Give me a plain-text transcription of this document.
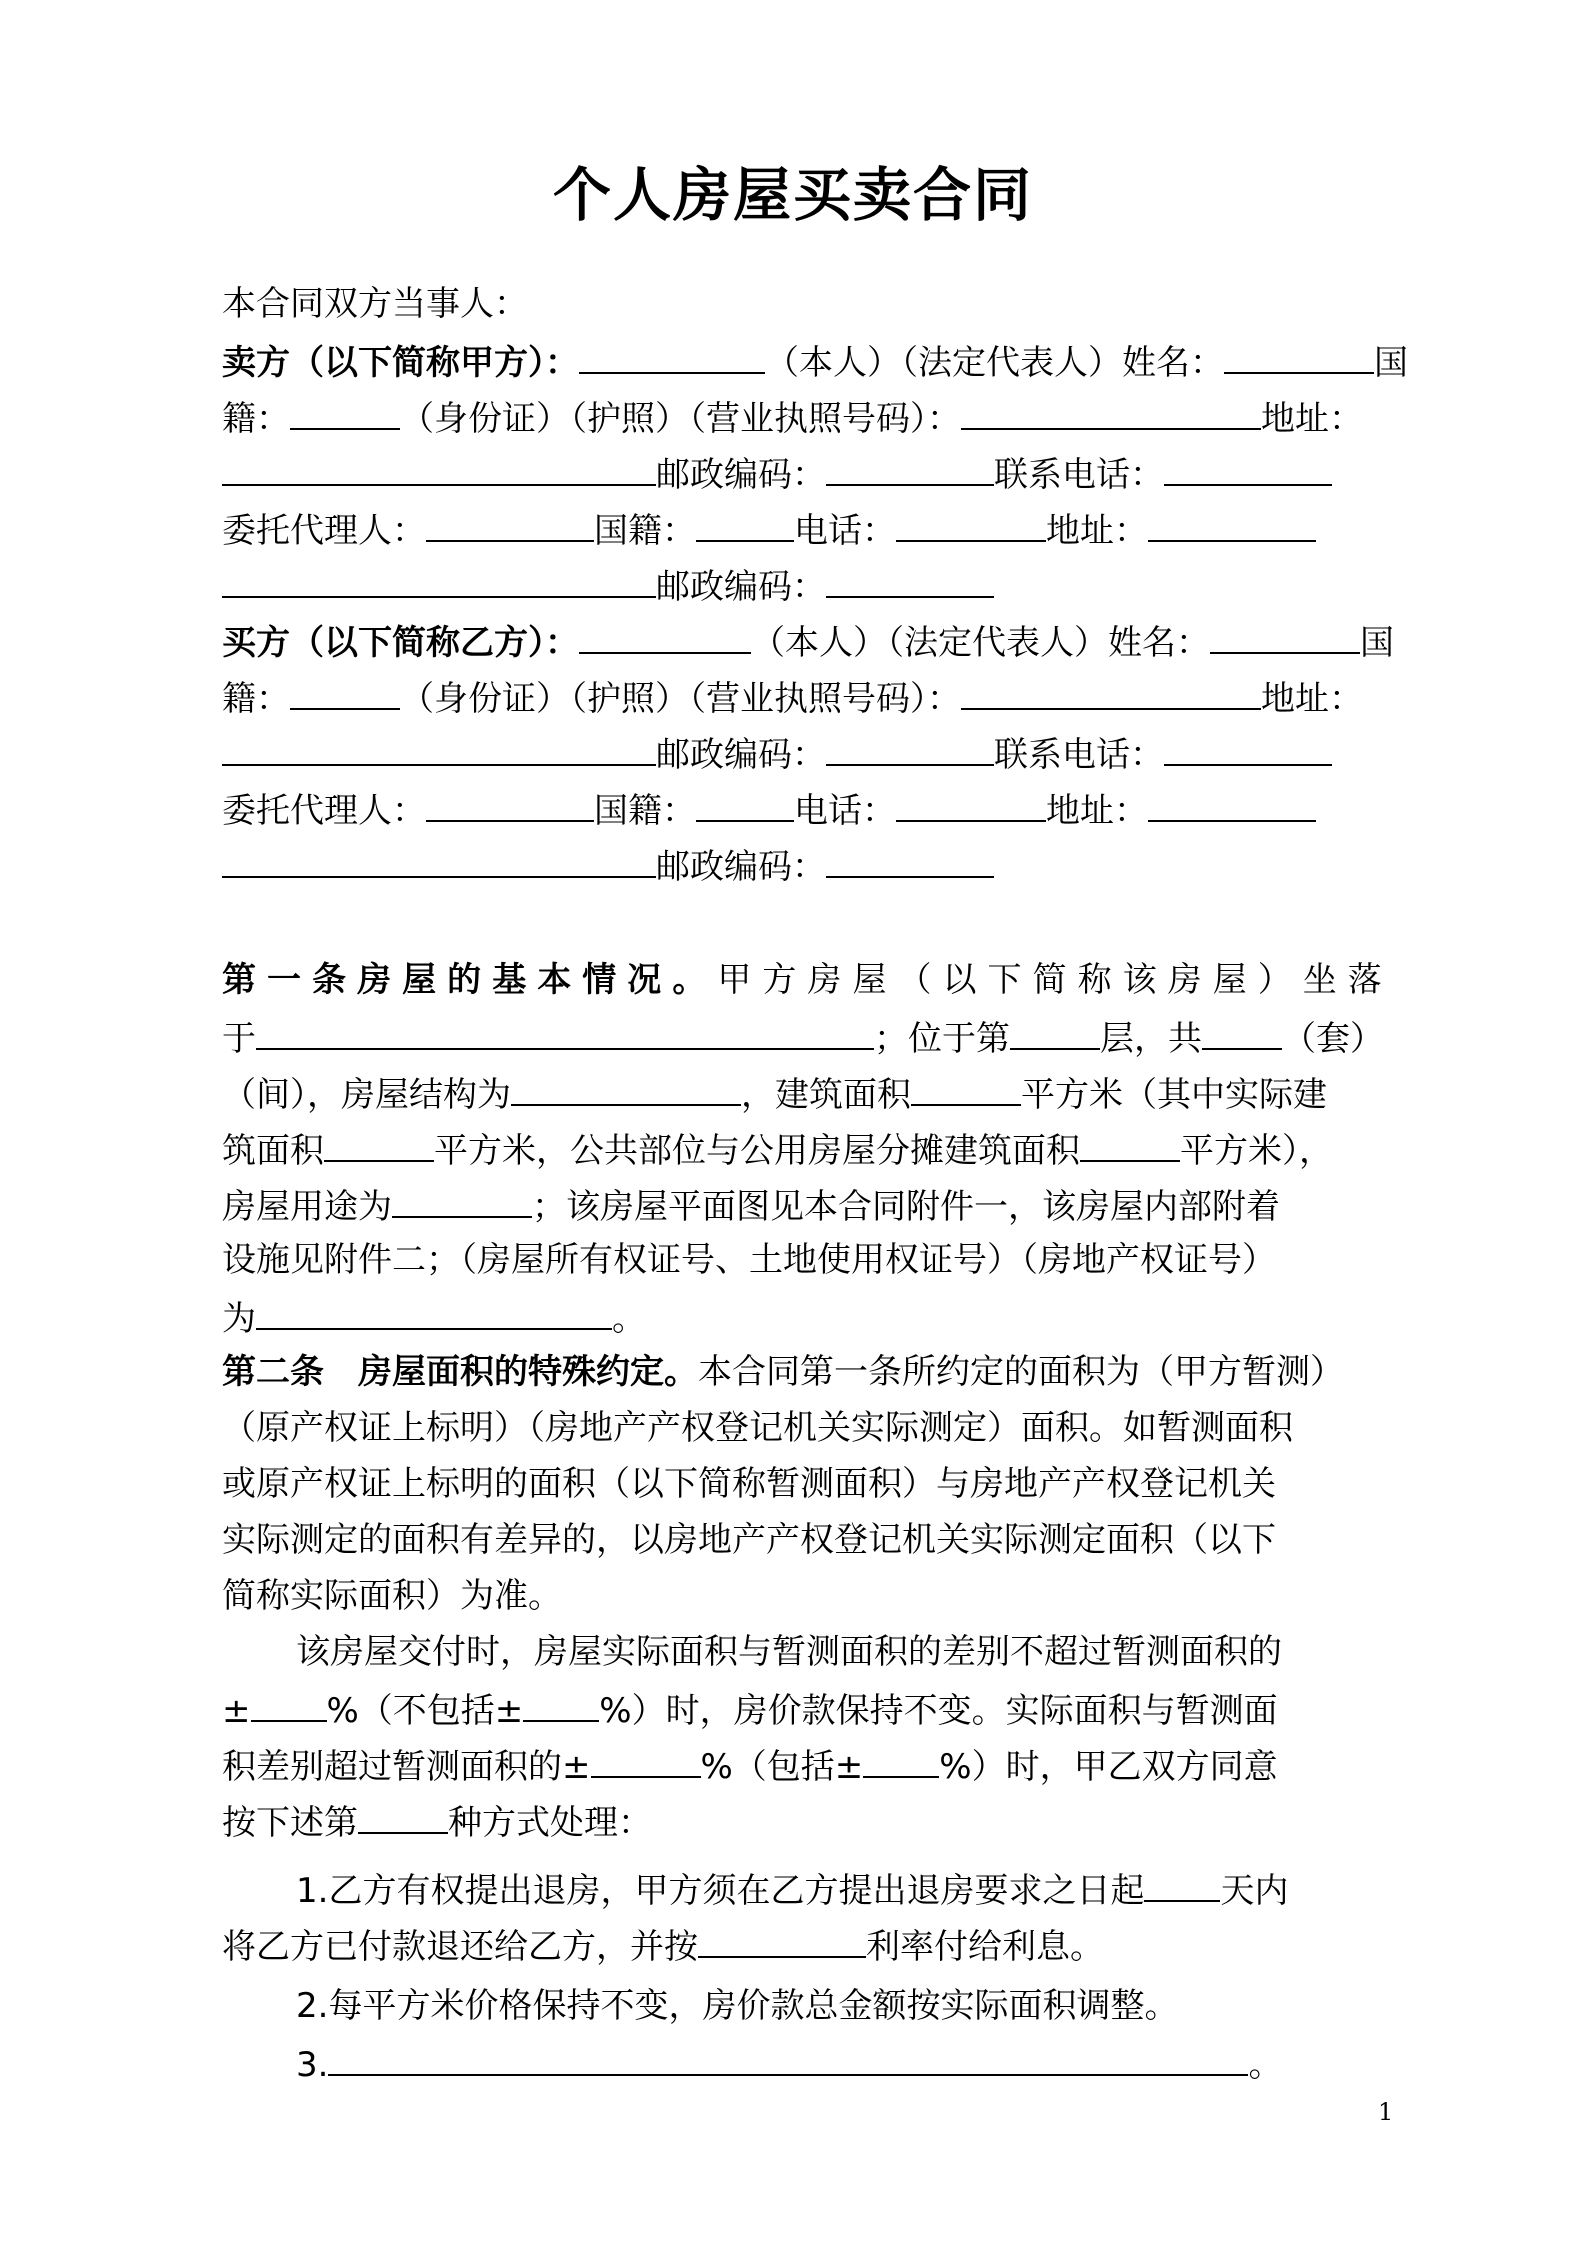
个人房屋买卖合同
本合同双方当事人：
卖方（以下简称甲方）：	（本人）（法定代表人）姓名：	国
籍：	（身份证）（护照）（营业执照号码）：	地址：
邮政编码：	联系电话：
委托代理人：	国籍：	电话：	地址：
邮政编码：
买方（以下简称乙方）：	（本人）（法定代表人）姓名：	国
籍：	（身份证）（护照）（营业执照号码）：	地址：
邮政编码：	联系电话：
委托代理人：	国籍：	电话：	地址：
邮政编码：
第 一 条 房 屋 的 基 本 情 况 。 甲 方 房 屋 （ 以 下 简 称 该 房 屋 ） 坐 落
于	；位于第	层，共 （套）
（间），房屋结构为	，建筑面积	平方米（其中实际建
筑面积	平方米，公共部位与公用房屋分摊建筑面积	平方米），
房屋用途为	；该房屋平面图见本合同附件一，该房屋内部附着
设施见附件二；（房屋所有权证号、土地使用权证号）（房地产权证号）
为	。
第二条　房屋面积的特殊约定。本合同第一条所约定的面积为（甲方暂测）
（原产权证上标明）（房地产产权登记机关实际测定）面积。如暂测面积
或原产权证上标明的面积（以下简称暂测面积）与房地产产权登记机关
实际测定的面积有差异的，以房地产产权登记机关实际测定面积（以下
简称实际面积）为准。
该房屋交付时，房屋实际面积与暂测面积的差别不超过暂测面积的
± %（不包括± %）时，房价款保持不变。实际面积与暂测面
积差别超过暂测面积的±	%（包括± %）时，甲乙双方同意
按下述第	种方式处理：
1.乙方有权提出退房，甲方须在乙方提出退房要求之日起 天内
将乙方已付款退还给乙方，并按	利率付给利息。
2.每平方米价格保持不变，房价款总金额按实际面积调整。
3.	。
1
